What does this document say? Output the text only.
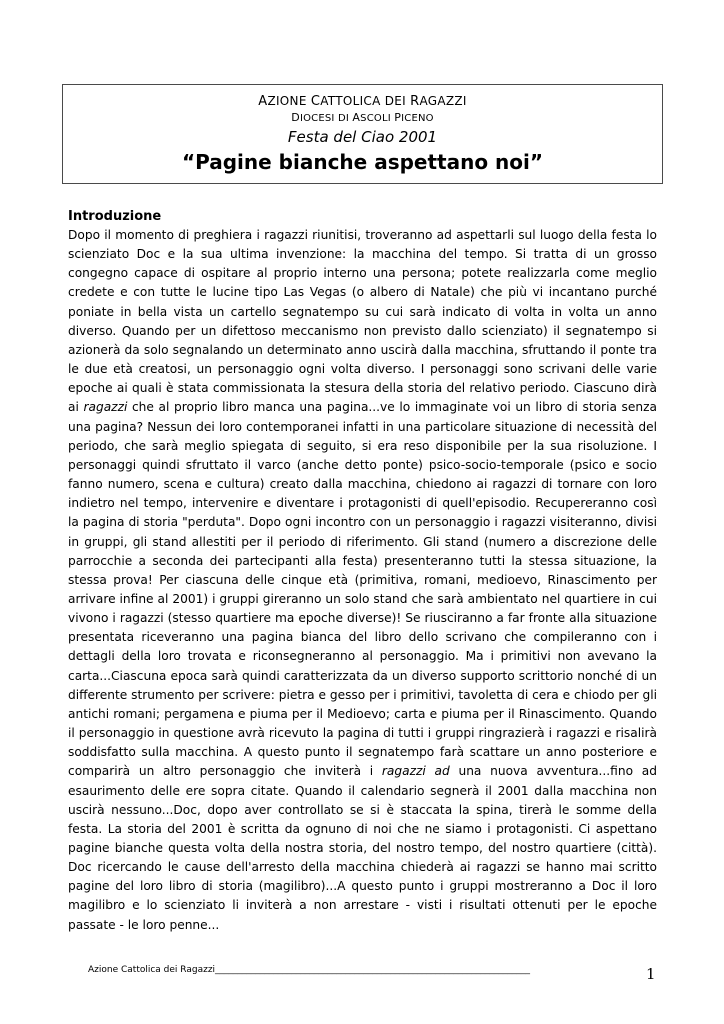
AZIONE CATTOLICA DEI RAGAZZI
DIOCESI DI ASCOLI PICENO
Festa del Ciao 2001
“Pagine bianche aspettano noi”
Introduzione

Dopo il momento di preghiera i ragazzi riunitisi, troveranno ad aspettarli sul luogo della festa lo scienziato Doc e la sua ultima invenzione: la macchina del tempo. Si tratta di un grosso congegno capace di ospitare al proprio interno una persona; potete realizzarla come meglio credete e con tutte le lucine tipo Las Vegas (o albero di Natale) che più vi incantano purché poniate in bella vista un cartello segnatempo su cui sarà indicato di volta in volta un anno diverso. Quando per un difettoso meccanismo non previsto dallo scienziato) il segnatempo si azionerà da solo segnalando un determinato anno uscirà dalla macchina, sfruttando il ponte tra le due età creatosi, un personaggio ogni volta diverso. I personaggi sono scrivani delle varie epoche ai quali è stata commissionata la stesura della storia del relativo periodo. Ciascuno dirà ai ragazzi che al proprio libro manca una pagina...ve lo immaginate voi un libro di storia senza una pagina? Nessun dei loro contemporanei infatti in una particolare situazione di necessità del periodo, che sarà meglio spiegata di seguito, si era reso disponibile per la sua risoluzione. I personaggi quindi sfruttato il varco (anche detto ponte) psico-socio-temporale (psico e socio fanno numero, scena e cultura) creato dalla macchina, chiedono ai ragazzi di tornare con loro indietro nel tempo, intervenire e diventare i protagonisti di quell'episodio. Recupereranno così la pagina di storia "perduta". Dopo ogni incontro con un personaggio i ragazzi visiteranno, divisi in gruppi, gli stand allestiti per il periodo di riferimento. Gli stand (numero a discrezione delle parrocchie a seconda dei partecipanti alla festa) presenteranno tutti la stessa situazione, la stessa prova! Per ciascuna delle cinque età (primitiva, romani, medioevo, Rinascimento per arrivare infine al 2001) i gruppi gireranno un solo stand che sarà ambientato nel quartiere in cui vivono i ragazzi (stesso quartiere ma epoche diverse)! Se riusciranno a far fronte alla situazione presentata riceveranno una pagina bianca del libro dello scrivano che compileranno con i dettagli della loro trovata e riconsegneranno al personaggio. Ma i primitivi non avevano la carta...Ciascuna epoca sarà quindi caratterizzata da un diverso supporto scrittorio nonché di un differente strumento per scrivere: pietra e gesso per i primitivi, tavoletta di cera e chiodo per gli antichi romani; pergamena e piuma per il Medioevo; carta e piuma per il Rinascimento. Quando il personaggio in questione avrà ricevuto la pagina di tutti i gruppi ringrazierà i ragazzi e risalirà soddisfatto sulla macchina. A questo punto il segnatempo farà scattare un anno posteriore e comparirà un altro personaggio che inviterà i ragazzi ad una nuova avventura...fino ad esaurimento delle ere sopra citate. Quando il calendario segnerà il 2001 dalla macchina non uscirà nessuno...Doc, dopo aver controllato se si è staccata la spina, tirerà le somme della festa. La storia del 2001 è scritta da ognuno di noi che ne siamo i protagonisti. Ci aspettano pagine bianche questa volta della nostra storia, del nostro tempo, del nostro quartiere (città). Doc ricercando le cause dell'arresto della macchina chiederà ai ragazzi se hanno mai scritto pagine del loro libro di storia (magilibro)...A questo punto i gruppi mostreranno a Doc il loro magilibro e lo scienziato li inviterà a non arrestare - visti i risultati ottenuti per le epoche passate - le loro penne...

Azione Cattolica dei Ragazzi______________________________________________________________________	1
